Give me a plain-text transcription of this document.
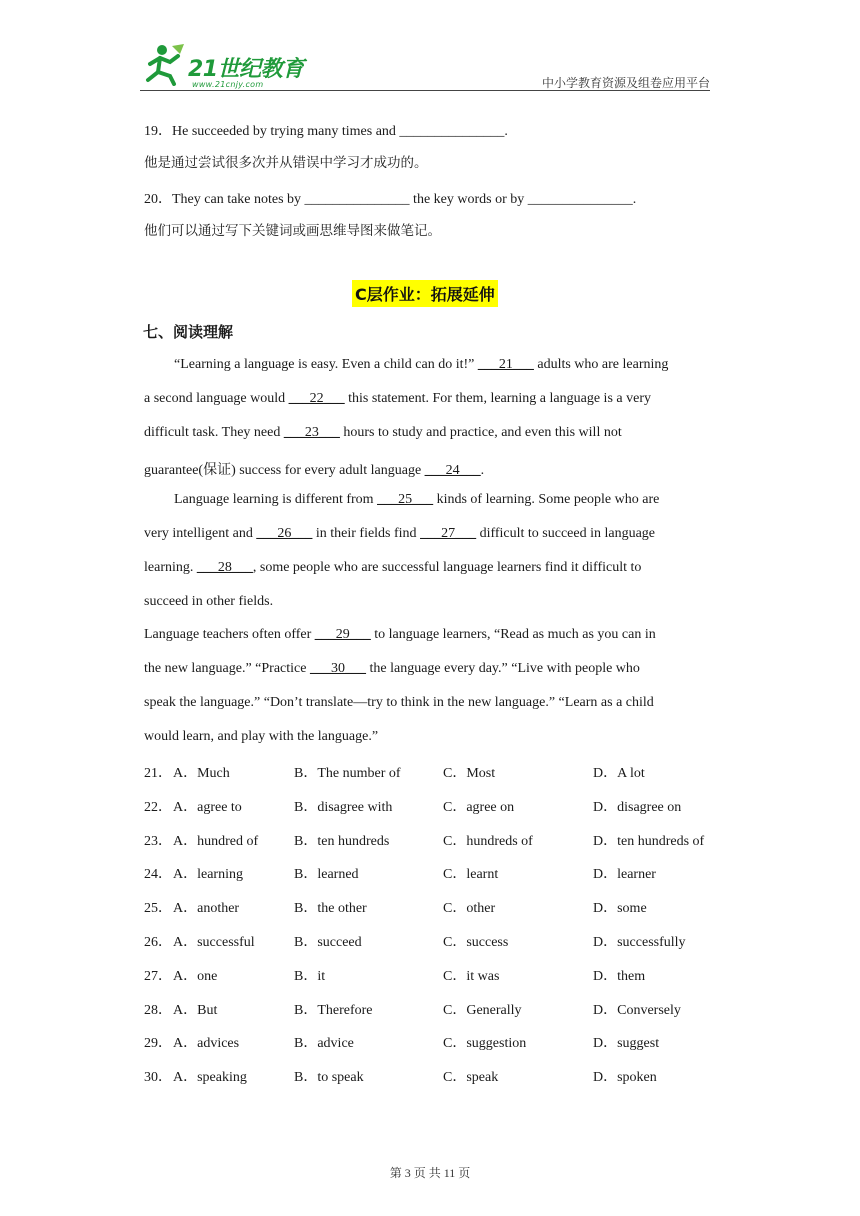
21世纪教育
www.21cnjy.com	中小学教育资源及组卷应用平台
19．He succeeded by trying many times and _______________.
他是通过尝试很多次并从错误中学习才成功的。
20．They can take notes by _______________ the key words or by _______________.
他们可以通过写下关键词或画思维导图来做笔记。
C层作业：拓展延伸
七、阅读理解
“Learning a language is easy. Even a child can do it!” ___21___ adults who are learning
a second language would ___22___ this statement. For them, learning a language is a very
difficult task. They need ___23___ hours to study and practice, and even this will not
guarantee(保证) success for every adult language ___24___.
Language learning is different from ___25___ kinds of learning. Some people who are
very intelligent and ___26___ in their fields find ___27___ difficult to succeed in language
learning. ___28___, some people who are successful language learners find it difficult to
succeed in other fields.
Language teachers often offer ___29___ to language learners, “Read as much as you can in
the new language.” “Practice ___30___ the language every day.” “Live with people who
speak the language.” “Don’t translate—try to think in the new language.” “Learn as a child
would learn, and play with the language.”
21． A．Much	B．The number of	C．Most	D．A lot
22． A．agree to	B．disagree with	C．agree on	D．disagree on
23． A．hundred of	B．ten hundreds	C．hundreds of	D．ten hundreds of
24． A．learning	B．learned	C．learnt	D．learner
25． A．another	B．the other	C．other	D．some
26． A．successful	B．succeed	C．success	D．successfully
27． A．one	B．it	C．it was	D．them
28． A．But	B．Therefore	C．Generally	D．Conversely
29． A．advices	B．advice	C．suggestion	D．suggest
30． A．speaking	B．to speak	C．speak	D．spoken
第 3 页 共 11 页
